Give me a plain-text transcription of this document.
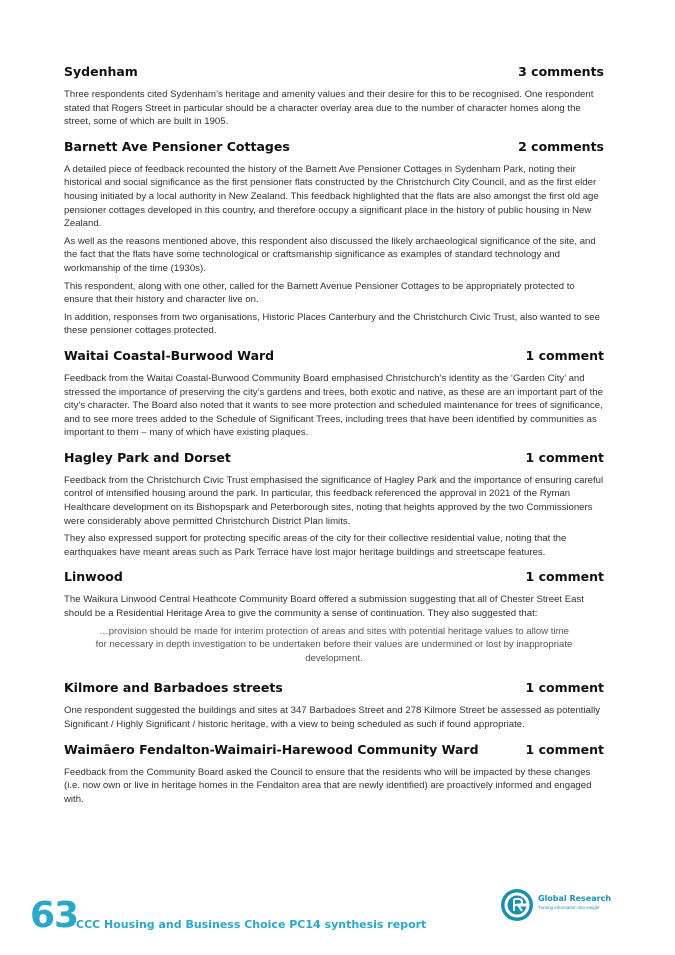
Sydenham	3 comments

Three respondents cited Sydenham’s heritage and amenity values and their desire for this to be recognised. One respondent stated that Rogers Street in particular should be a character overlay area due to the number of character homes along the street, some of which are built in 1905.

Barnett Ave Pensioner Cottages	2 comments

A detailed piece of feedback recounted the history of the Barnett Ave Pensioner Cottages in Sydenham Park, noting their historical and social significance as the first pensioner flats constructed by the Christchurch City Council, and as the first elder housing initiated by a local authority in New Zealand. This feedback highlighted that the flats are also amongst the first old age pensioner cottages developed in this country, and therefore occupy a significant place in the history of public housing in New Zealand.

As well as the reasons mentioned above, this respondent also discussed the likely archaeological significance of the site, and the fact that the flats have some technological or craftsmanship significance as examples of standard technology and workmanship of the time (1930s).

This respondent, along with one other, called for the Barnett Avenue Pensioner Cottages to be appropriately protected to ensure that their history and character live on.

In addition, responses from two organisations, Historic Places Canterbury and the Christchurch Civic Trust, also wanted to see these pensioner cottages protected.

Waitai Coastal-Burwood Ward	1 comment

Feedback from the Waitai Coastal-Burwood Community Board emphasised Christchurch’s identity as the ‘Garden City’ and stressed the importance of preserving the city’s gardens and trees, both exotic and native, as these are an important part of the city’s character. The Board also noted that it wants to see more protection and scheduled maintenance for trees of significance, and to see more trees added to the Schedule of Significant Trees, including trees that have been identified by communities as important to them – many of which have existing plaques.

Hagley Park and Dorset	1 comment

Feedback from the Christchurch Civic Trust emphasised the significance of Hagley Park and the importance of ensuring careful control of intensified housing around the park. In particular, this feedback referenced the approval in 2021 of the Ryman Healthcare development on its Bishopspark and Peterborough sites, noting that heights approved by the two Commissioners were considerably above permitted Christchurch District Plan limits.

They also expressed support for protecting specific areas of the city for their collective residential value, noting that the earthquakes have meant areas such as Park Terrace have lost major heritage buildings and streetscape features.

Linwood	1 comment

The Waikura Linwood Central Heathcote Community Board offered a submission suggesting that all of Chester Street East should be a Residential Heritage Area to give the community a sense of continuation. They also suggested that:

…provision should be made for interim protection of areas and sites with potential heritage values to allow time for necessary in depth investigation to be undertaken before their values are undermined or lost by inappropriate development.
Kilmore and Barbadoes streets	1 comment

One respondent suggested the buildings and sites at 347 Barbadoes Street and 278 Kilmore Street be assessed as potentially Significant / Highly Significant / historic heritage, with a view to being scheduled as such if found appropriate.

Waimāero Fendalton-Waimairi-Harewood Community Ward	1 comment

Feedback from the Community Board asked the Council to ensure that the residents who will be impacted by these changes (i.e. now own or live in heritage homes in the Fendalton area that are newly identified) are proactively informed and engaged with.

63
CCC Housing and Business Choice PC14 synthesis report
Global Research
Turning information into insight
